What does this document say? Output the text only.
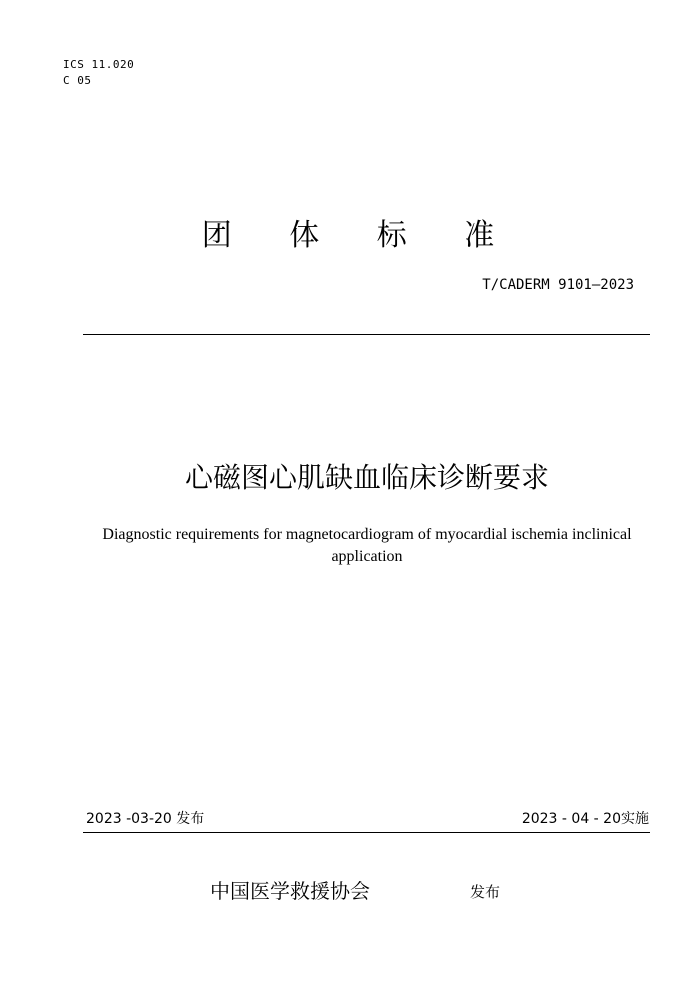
ICS 11.020
C 05
团 体 标 准
T/CADERM 9101—2023
心磁图心肌缺血临床诊断要求
Diagnostic requirements for magnetocardiogram of myocardial ischemia inclinical application
2023 -03-20 发布	2023 - 04 - 20实施
中国医学救援协会	发布
